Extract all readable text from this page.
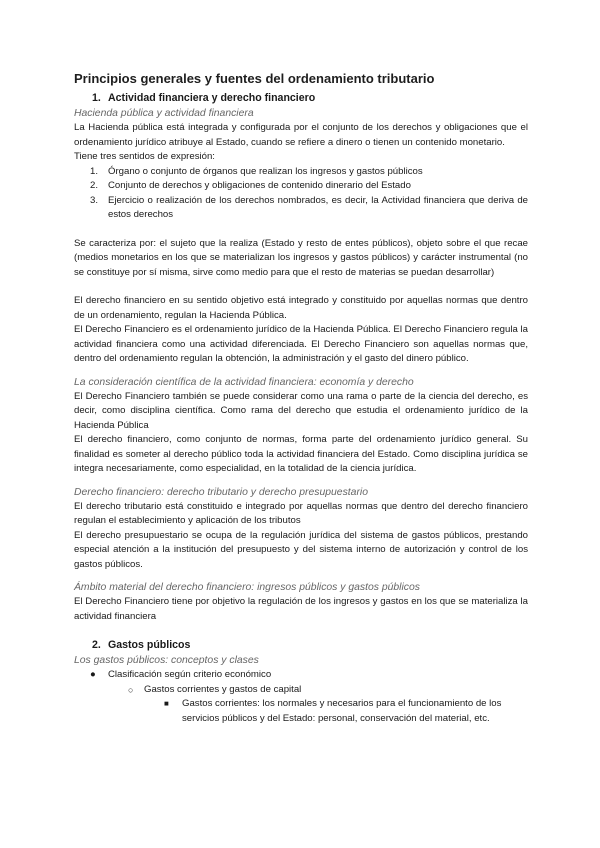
Principios generales y fuentes del ordenamiento tributario
1. Actividad financiera y derecho financiero
Hacienda pública y actividad financiera

La Hacienda pública está integrada y configurada por el conjunto de los derechos y obligaciones que el ordenamiento jurídico atribuye al Estado, cuando se refiere a dinero o tienen un contenido monetario.

Tiene tres sentidos de expresión:

1. Órgano o conjunto de órganos que realizan los ingresos y gastos públicos
2. Conjunto de derechos y obligaciones de contenido dinerario del Estado
3. Ejercicio o realización de los derechos nombrados, es decir, la Actividad financiera que deriva de estos derechos

Se caracteriza por: el sujeto que la realiza (Estado y resto de entes públicos), objeto sobre el que recae (medios monetarios en los que se materializan los ingresos y gastos públicos) y carácter instrumental (no se constituye por sí misma, sirve como medio para que el resto de materias se puedan desarrollar)

El derecho financiero en su sentido objetivo está integrado y constituido por aquellas normas que dentro de un ordenamiento, regulan la Hacienda Pública.

El Derecho Financiero es el ordenamiento jurídico de la Hacienda Pública. El Derecho Financiero regula la actividad financiera como una actividad diferenciada. El Derecho Financiero son aquellas normas que, dentro del ordenamiento regulan la obtención, la administración y el gasto del dinero público.

La consideración científica de la actividad financiera: economía y derecho

El Derecho Financiero también se puede considerar como una rama o parte de la ciencia del derecho, es decir, como disciplina científica. Como rama del derecho que estudia el ordenamiento jurídico de la Hacienda Pública

El derecho financiero, como conjunto de normas, forma parte del ordenamiento jurídico general. Su finalidad es someter al derecho público toda la actividad financiera del Estado. Como disciplina jurídica se integra necesariamente, como especialidad, en la totalidad de la ciencia jurídica.

Derecho financiero: derecho tributario y derecho presupuestario

El derecho tributario está constituido e integrado por aquellas normas que dentro del derecho financiero regulan el establecimiento y aplicación de los tributos

El derecho presupuestario se ocupa de la regulación jurídica del sistema de gastos públicos, prestando especial atención a la institución del presupuesto y del sistema interno de autorización y control de los gastos públicos.

Ámbito material del derecho financiero: ingresos públicos y gastos públicos

El Derecho Financiero tiene por objetivo la regulación de los ingresos y gastos en los que se materializa la actividad financiera

2. Gastos públicos
Los gastos públicos: conceptos y clases
● Clasificación según criterio económico
○ Gastos corrientes y gastos de capital
■ Gastos corrientes: los normales y necesarios para el funcionamiento de los servicios públicos y del Estado: personal, conservación del material, etc.
